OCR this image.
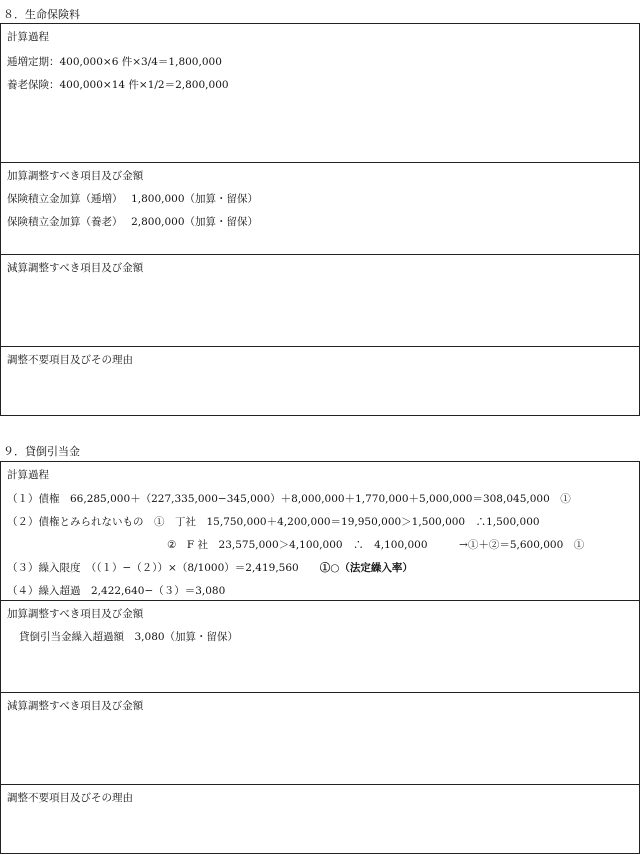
８．生命保険料
計算過程
逓増定期：400,000×6 件×3/4＝1,800,000
養老保険：400,000×14 件×1/2＝2,800,000
加算調整すべき項目及び金額
保険積立金加算（逓増）　 1,800,000（加算・留保）
保険積立金加算（養老）　 2,800,000（加算・留保）
減算調整すべき項目及び金額
調整不要項目及びその理由
９．貸倒引当金
計算過程
（１）債権　66,285,000＋（227,335,000−345,000）＋8,000,000＋1,770,000＋5,000,000＝308,045,000　①
（２）債権とみられないもの　①　丁社　15,750,000＋4,200,000＝19,950,000＞1,500,000　∴1,500,000
②　F 社　23,575,000＞4,100,000　∴　4,100,000　　　→①＋②＝5,600,000　①
（３）繰入限度　（（１）−（２））×（8/1000）＝2,419,560　　①○（法定繰入率）
（４）繰入超過　2,422,640−（３）＝3,080
加算調整すべき項目及び金額
貸倒引当金繰入超過額　3,080（加算・留保）
減算調整すべき項目及び金額
調整不要項目及びその理由
